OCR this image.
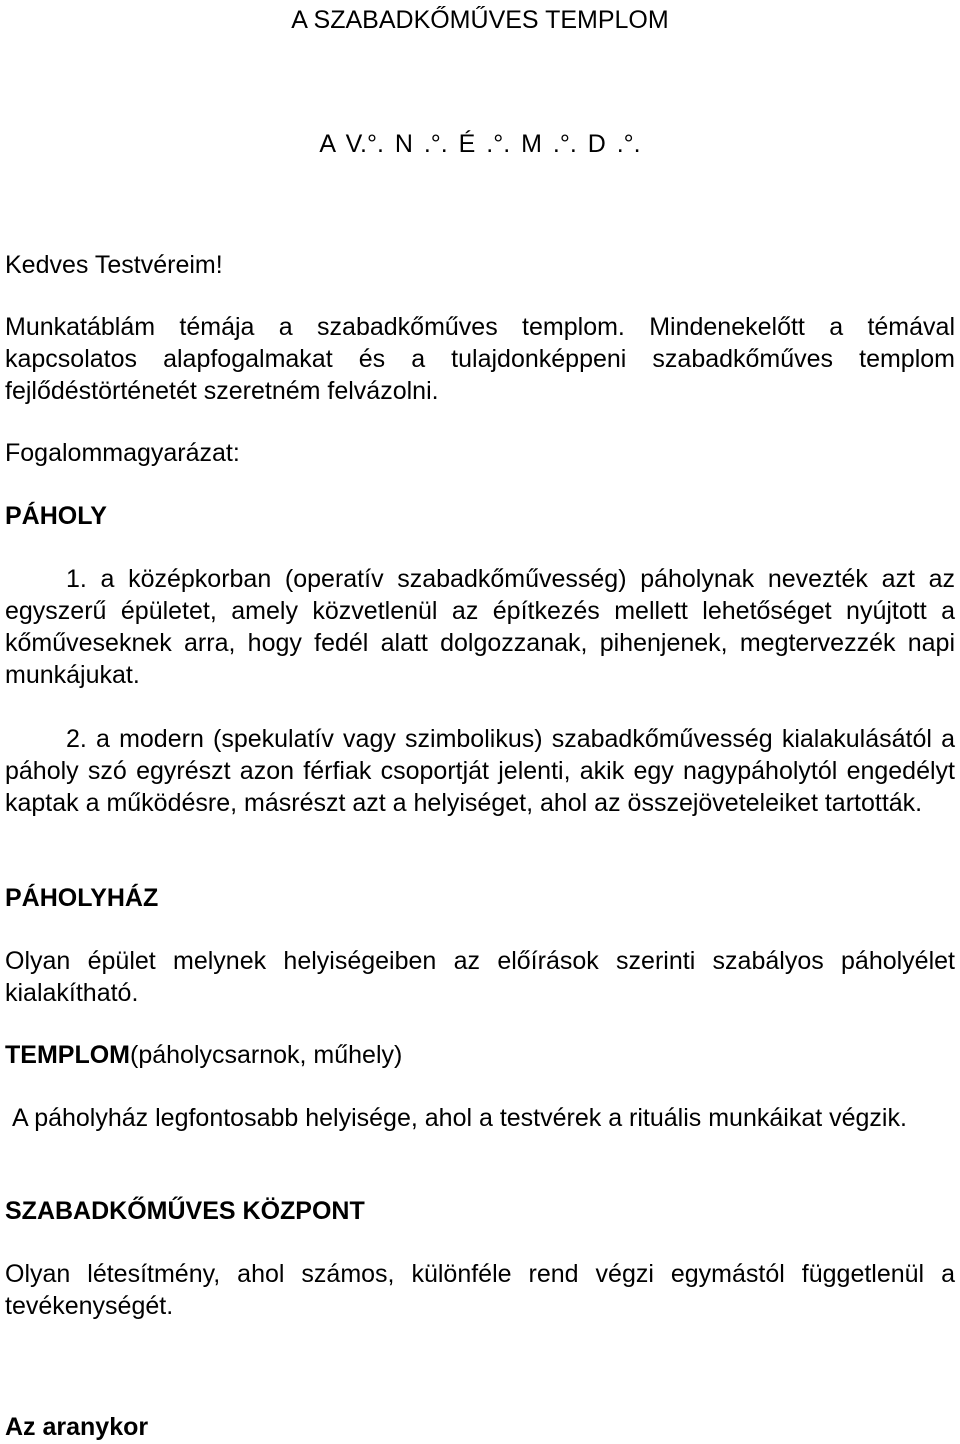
A SZABADKŐMŰVES TEMPLOM

A V.°. N .°. É .°. M .°. D .°.

Kedves Testvéreim!

Munkatáblám témája a szabadkőműves templom. Mindenekelőtt a témával kapcsolatos alapfogalmakat és a tulajdonképpeni szabadkőműves templom fejlődéstörténetét szeretném felvázolni.

Fogalommagyarázat:

PÁHOLY

1. a középkorban (operatív szabadkőművesség) páholynak nevezték azt az egyszerű épületet, amely közvetlenül az építkezés mellett lehetőséget nyújtott a kőműveseknek arra, hogy fedél alatt dolgozzanak, pihenjenek, megtervezzék napi munkájukat.

2. a modern (spekulatív vagy szimbolikus) szabadkőművesség kialakulásától a páholy szó egyrészt azon férfiak csoportját jelenti, akik egy nagypáholytól engedélyt kaptak a működésre, másrészt azt a helyiséget, ahol az összejöveteleiket tartották.

PÁHOLYHÁZ

Olyan épület melynek helyiségeiben az előírások szerinti szabályos páholyélet kialakítható.

TEMPLOM(páholycsarnok, műhely)

A páholyház legfontosabb helyisége, ahol a testvérek a rituális munkáikat végzik.

SZABADKŐMŰVES KÖZPONT

Olyan létesítmény, ahol számos, különféle rend végzi egymástól függetlenül a tevékenységét.

Az aranykor
